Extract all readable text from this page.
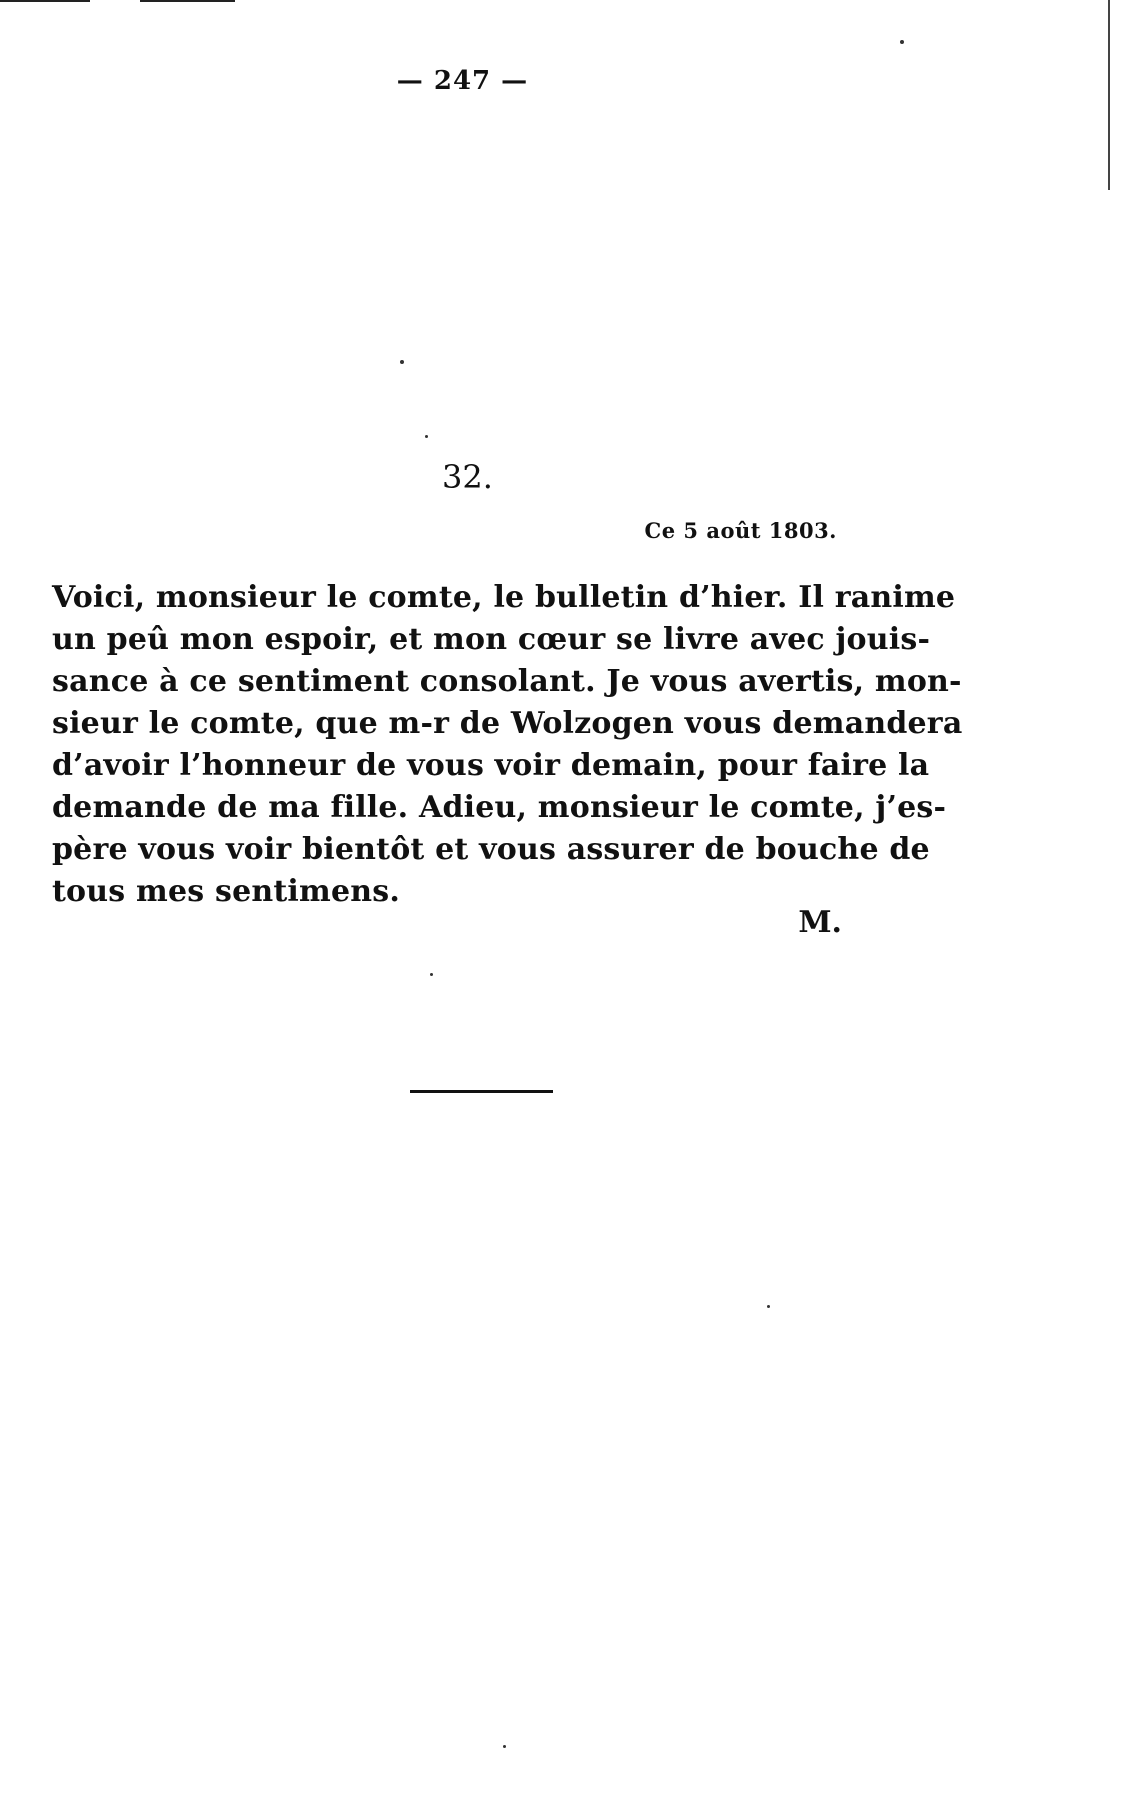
— 247 —
32.
Ce 5 août 1803.
Voici, monsieur le comte, le bulletin d’hier. Il ranime
un peû mon espoir, et mon cœur se livre avec jouis-
sance à ce sentiment consolant. Je vous avertis, mon-
sieur le comte, que m-r de Wolzogen vous demandera
d’avoir l’honneur de vous voir demain, pour faire la
demande de ma fille. Adieu, monsieur le comte, j’es-
père vous voir bientôt et vous assurer de bouche de
tous mes sentimens.
M.
